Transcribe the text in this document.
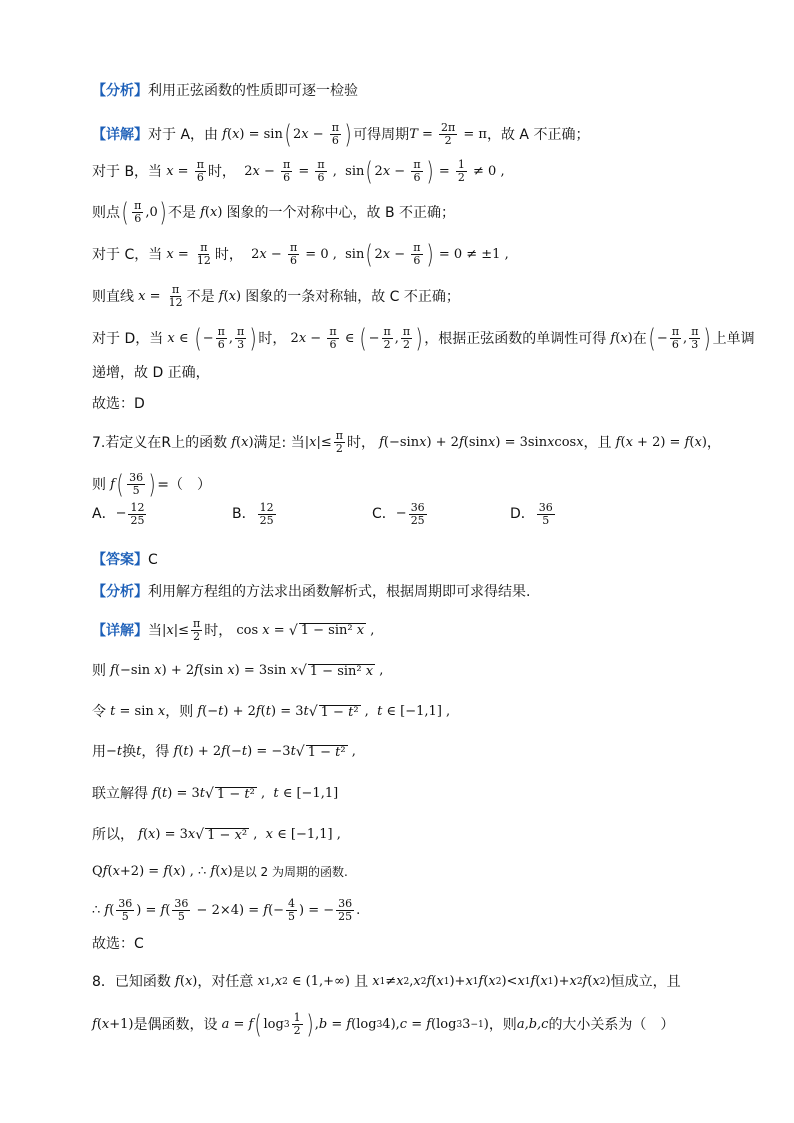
【分析】 利用正弦函数的性质即可逐一检验
【详解】 对于 A，由 f ( x ) = sin ( 2 $x - \frac{\pi}{6}$ ) 可得周期 $T = \frac{2\pi}{2} = \pi$ ，故 A 不正确；
对于 B，当 $x = \frac{\pi}{6}$ 时， 2 $x - \frac{\pi}{6} = \frac{\pi}{6}$ ,  sin ( 2 $x - \frac{\pi}{6}$ ) = $\frac{1}{2} \ne 0$ ,
则点 ( $\frac{\pi}{6} ,0$ ) 不是 f ( x ) 图象的一个对称中心，故 B 不正确；
对于 C，当 $x = \frac{\pi}{12}$ 时， 2 $x - \frac{\pi}{6} = 0$ ,  sin ( 2 $x - \frac{\pi}{6}$ ) = 0 ≠ ±1 ,
则直线 $x = \frac{\pi}{12}$ 不是 f ( x ) 图象的一条对称轴，故 C 不正确；
对于 D，当 x ∈ ( − $\frac{\pi}{6}$ , $\frac{\pi}{3}$ ) 时， 2 $x - \frac{\pi}{6}$ ∈ ( − $\frac{\pi}{2}$ , $\frac{\pi}{2}$ ) ，根据正弦函数的单调性可得 f ( x ) 在 ( − $\frac{\pi}{6}$ , $\frac{\pi}{3}$ ) 上单调
递增，故 D 正确，
故选：D
7.若定义在R上的函数 f ( x ) 满足: 当 | x |≤ $\frac{\pi}{2}$ 时， f (−sin x ) + 2 f (sin x ) = 3sin x cos x ，且 f ( x + 2) = f ( x ) ，
则 f ( $\frac{36}{5}$ ) =（　）
A． − $\frac{12}{25}$	B． $\frac{12}{25}$	C． − $\frac{36}{25}$	D． $\frac{36}{5}$
【答案】 C
【分析】 利用解方程组的方法求出函数解析式，根据周期即可求得结果.
【详解】 当 | x |≤ $\frac{\pi}{2}$ 时， cos x = √ 1 − sin² x ,
则 f (−sin x ) + 2 f (sin x ) = 3sin x √ 1 − sin² x ,
令 t = sin x ，则 f (− t ) + 2 f ( t ) = 3 t √ 1 − t² , t ∈ [−1,1] ,
用 − t 换 t ，得 f ( t ) + 2 f (− t ) = −3 t √ 1 − t² ,
联立解得 f ( t ) = 3 t √ 1 − t² , t ∈ [−1,1]
所以， f ( x ) = 3 x √ 1 − x² , x ∈ [−1,1] ,
Q f ( x +2) = f ( x ) , ∴ f ( x ) 是以 2 为周期的函数.
∴ f ( $\frac{36}{5}$ ) = f ( $\frac{36}{5} - 2\times 4) = f$ (− $\frac{4}{5}$ ) = − $\frac{36}{25}$ .
故选：C
8．已知函数 f ( x ) ，对任意 x 1 , x 2 ∈ (1,+∞) 且 x 1 ≠ x 2 , x 2 f ( x 1 )+ x 1 f ( x 2 )< x 1 f ( x 1 )+ x 2 f ( x 2 ) 恒成立，且
f ( x +1) 是偶函数，设 a = f ( $\log 3 \frac{1}{2}$ ) , b = f (log 3 4), c = f (log 3 3 −1 ) ，则 a,b,c 的大小关系为（　）
